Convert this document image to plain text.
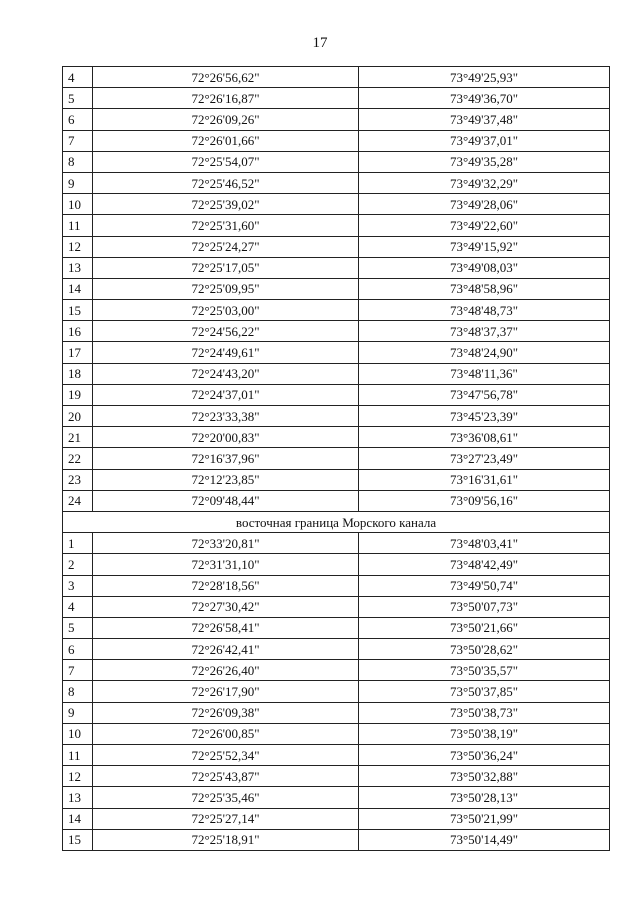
17
4	72°26'56,62"	73°49'25,93"
5	72°26'16,87"	73°49'36,70"
6	72°26'09,26"	73°49'37,48"
7	72°26'01,66"	73°49'37,01"
8	72°25'54,07"	73°49'35,28"
9	72°25'46,52"	73°49'32,29"
10	72°25'39,02"	73°49'28,06"
11	72°25'31,60"	73°49'22,60"
12	72°25'24,27"	73°49'15,92"
13	72°25'17,05"	73°49'08,03"
14	72°25'09,95"	73°48'58,96"
15	72°25'03,00"	73°48'48,73"
16	72°24'56,22"	73°48'37,37"
17	72°24'49,61"	73°48'24,90"
18	72°24'43,20"	73°48'11,36"
19	72°24'37,01"	73°47'56,78"
20	72°23'33,38"	73°45'23,39"
21	72°20'00,83"	73°36'08,61"
22	72°16'37,96"	73°27'23,49"
23	72°12'23,85"	73°16'31,61"
24	72°09'48,44"	73°09'56,16"
восточная граница Морского канала		
1	72°33'20,81"	73°48'03,41"
2	72°31'31,10"	73°48'42,49"
3	72°28'18,56"	73°49'50,74"
4	72°27'30,42"	73°50'07,73"
5	72°26'58,41"	73°50'21,66"
6	72°26'42,41"	73°50'28,62"
7	72°26'26,40"	73°50'35,57"
8	72°26'17,90"	73°50'37,85"
9	72°26'09,38"	73°50'38,73"
10	72°26'00,85"	73°50'38,19"
11	72°25'52,34"	73°50'36,24"
12	72°25'43,87"	73°50'32,88"
13	72°25'35,46"	73°50'28,13"
14	72°25'27,14"	73°50'21,99"
15	72°25'18,91"	73°50'14,49"
